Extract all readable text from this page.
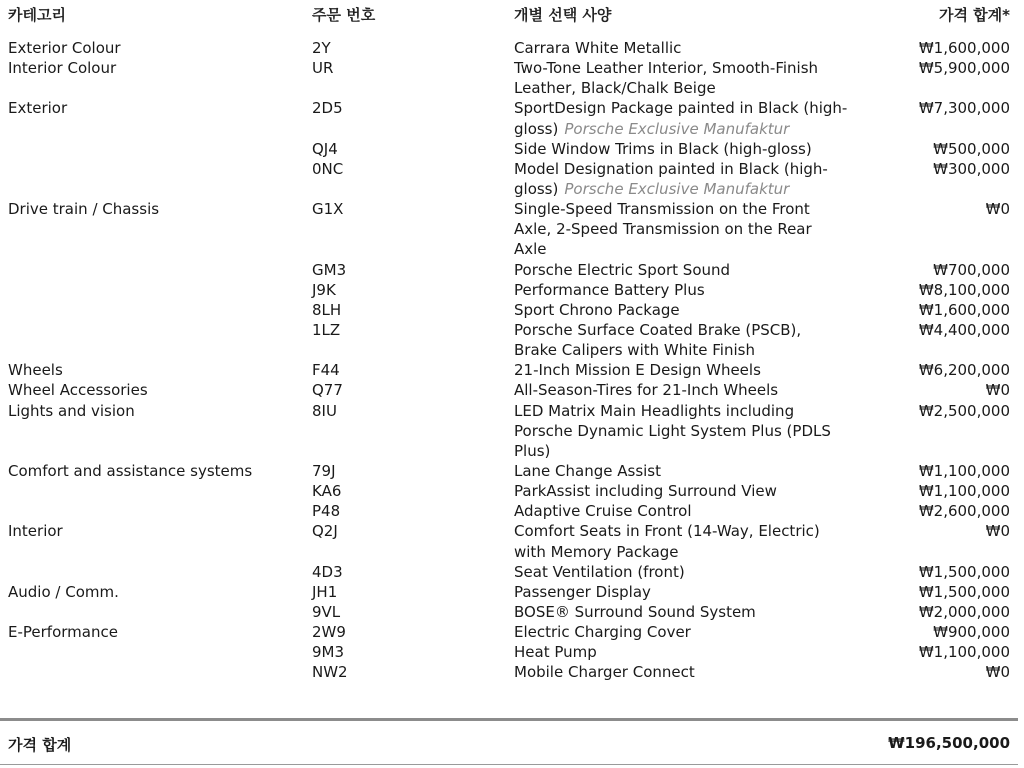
카테고리	주문 번호	개별 선택 사양	가격 합계*
Exterior Colour	2Y	Carrara White Metallic	₩1,600,000
Interior Colour	UR	Two-Tone Leather Interior, Smooth-Finish	₩5,900,000
Leather, Black/Chalk Beige
Exterior	2D5	SportDesign Package painted in Black (high-	₩7,300,000
gloss) Porsche Exclusive Manufaktur
QJ4	Side Window Trims in Black (high-gloss)	₩500,000
0NC	Model Designation painted in Black (high-	₩300,000
gloss) Porsche Exclusive Manufaktur
Drive train / Chassis	G1X	Single-Speed Transmission on the Front	₩0
Axle, 2-Speed Transmission on the Rear
Axle
GM3	Porsche Electric Sport Sound	₩700,000
J9K	Performance Battery Plus	₩8,100,000
8LH	Sport Chrono Package	₩1,600,000
1LZ	Porsche Surface Coated Brake (PSCB),	₩4,400,000
Brake Calipers with White Finish
Wheels	F44	21-Inch Mission E Design Wheels	₩6,200,000
Wheel Accessories	Q77	All-Season-Tires for 21-Inch Wheels	₩0
Lights and vision	8IU	LED Matrix Main Headlights including	₩2,500,000
Porsche Dynamic Light System Plus (PDLS
Plus)
Comfort and assistance systems	79J	Lane Change Assist	₩1,100,000
KA6	ParkAssist including Surround View	₩1,100,000
P48	Adaptive Cruise Control	₩2,600,000
Interior	Q2J	Comfort Seats in Front (14-Way, Electric)	₩0
with Memory Package
4D3	Seat Ventilation (front)	₩1,500,000
Audio / Comm.	JH1	Passenger Display	₩1,500,000
9VL	BOSE® Surround Sound System	₩2,000,000
E-Performance	2W9	Electric Charging Cover	₩900,000
9M3	Heat Pump	₩1,100,000
NW2	Mobile Charger Connect	₩0
가격 합계	₩196,500,000
